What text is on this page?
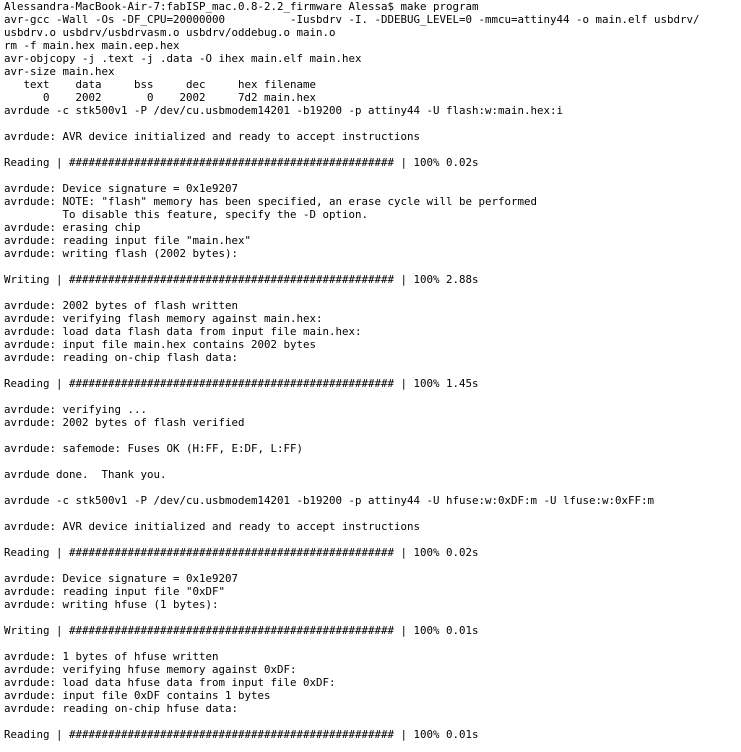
Alessandra-MacBook-Air-7:fabISP_mac.0.8-2.2_firmware Alessa$ make program
avr-gcc -Wall -Os -DF_CPU=20000000          -Iusbdrv -I. -DDEBUG_LEVEL=0 -mmcu=attiny44 -o main.elf usbdrv/
usbdrv.o usbdrv/usbdrvasm.o usbdrv/oddebug.o main.o
rm -f main.hex main.eep.hex
avr-objcopy -j .text -j .data -O ihex main.elf main.hex
avr-size main.hex
text    data     bss     dec     hex filename
0    2002       0    2002     7d2 main.hex
avrdude -c stk500v1 -P /dev/cu.usbmodem14201 -b19200 -p attiny44 -U flash:w:main.hex:i
avrdude: AVR device initialized and ready to accept instructions
Reading | ################################################## | 100% 0.02s
avrdude: Device signature = 0x1e9207
avrdude: NOTE: "flash" memory has been specified, an erase cycle will be performed
To disable this feature, specify the -D option.
avrdude: erasing chip
avrdude: reading input file "main.hex"
avrdude: writing flash (2002 bytes):
Writing | ################################################## | 100% 2.88s
avrdude: 2002 bytes of flash written
avrdude: verifying flash memory against main.hex:
avrdude: load data flash data from input file main.hex:
avrdude: input file main.hex contains 2002 bytes
avrdude: reading on-chip flash data:
Reading | ################################################## | 100% 1.45s
avrdude: verifying ...
avrdude: 2002 bytes of flash verified
avrdude: safemode: Fuses OK (H:FF, E:DF, L:FF)
avrdude done.  Thank you.
avrdude -c stk500v1 -P /dev/cu.usbmodem14201 -b19200 -p attiny44 -U hfuse:w:0xDF:m -U lfuse:w:0xFF:m
avrdude: AVR device initialized and ready to accept instructions
Reading | ################################################## | 100% 0.02s
avrdude: Device signature = 0x1e9207
avrdude: reading input file "0xDF"
avrdude: writing hfuse (1 bytes):
Writing | ################################################## | 100% 0.01s
avrdude: 1 bytes of hfuse written
avrdude: verifying hfuse memory against 0xDF:
avrdude: load data hfuse data from input file 0xDF:
avrdude: input file 0xDF contains 1 bytes
avrdude: reading on-chip hfuse data:
Reading | ################################################## | 100% 0.01s
